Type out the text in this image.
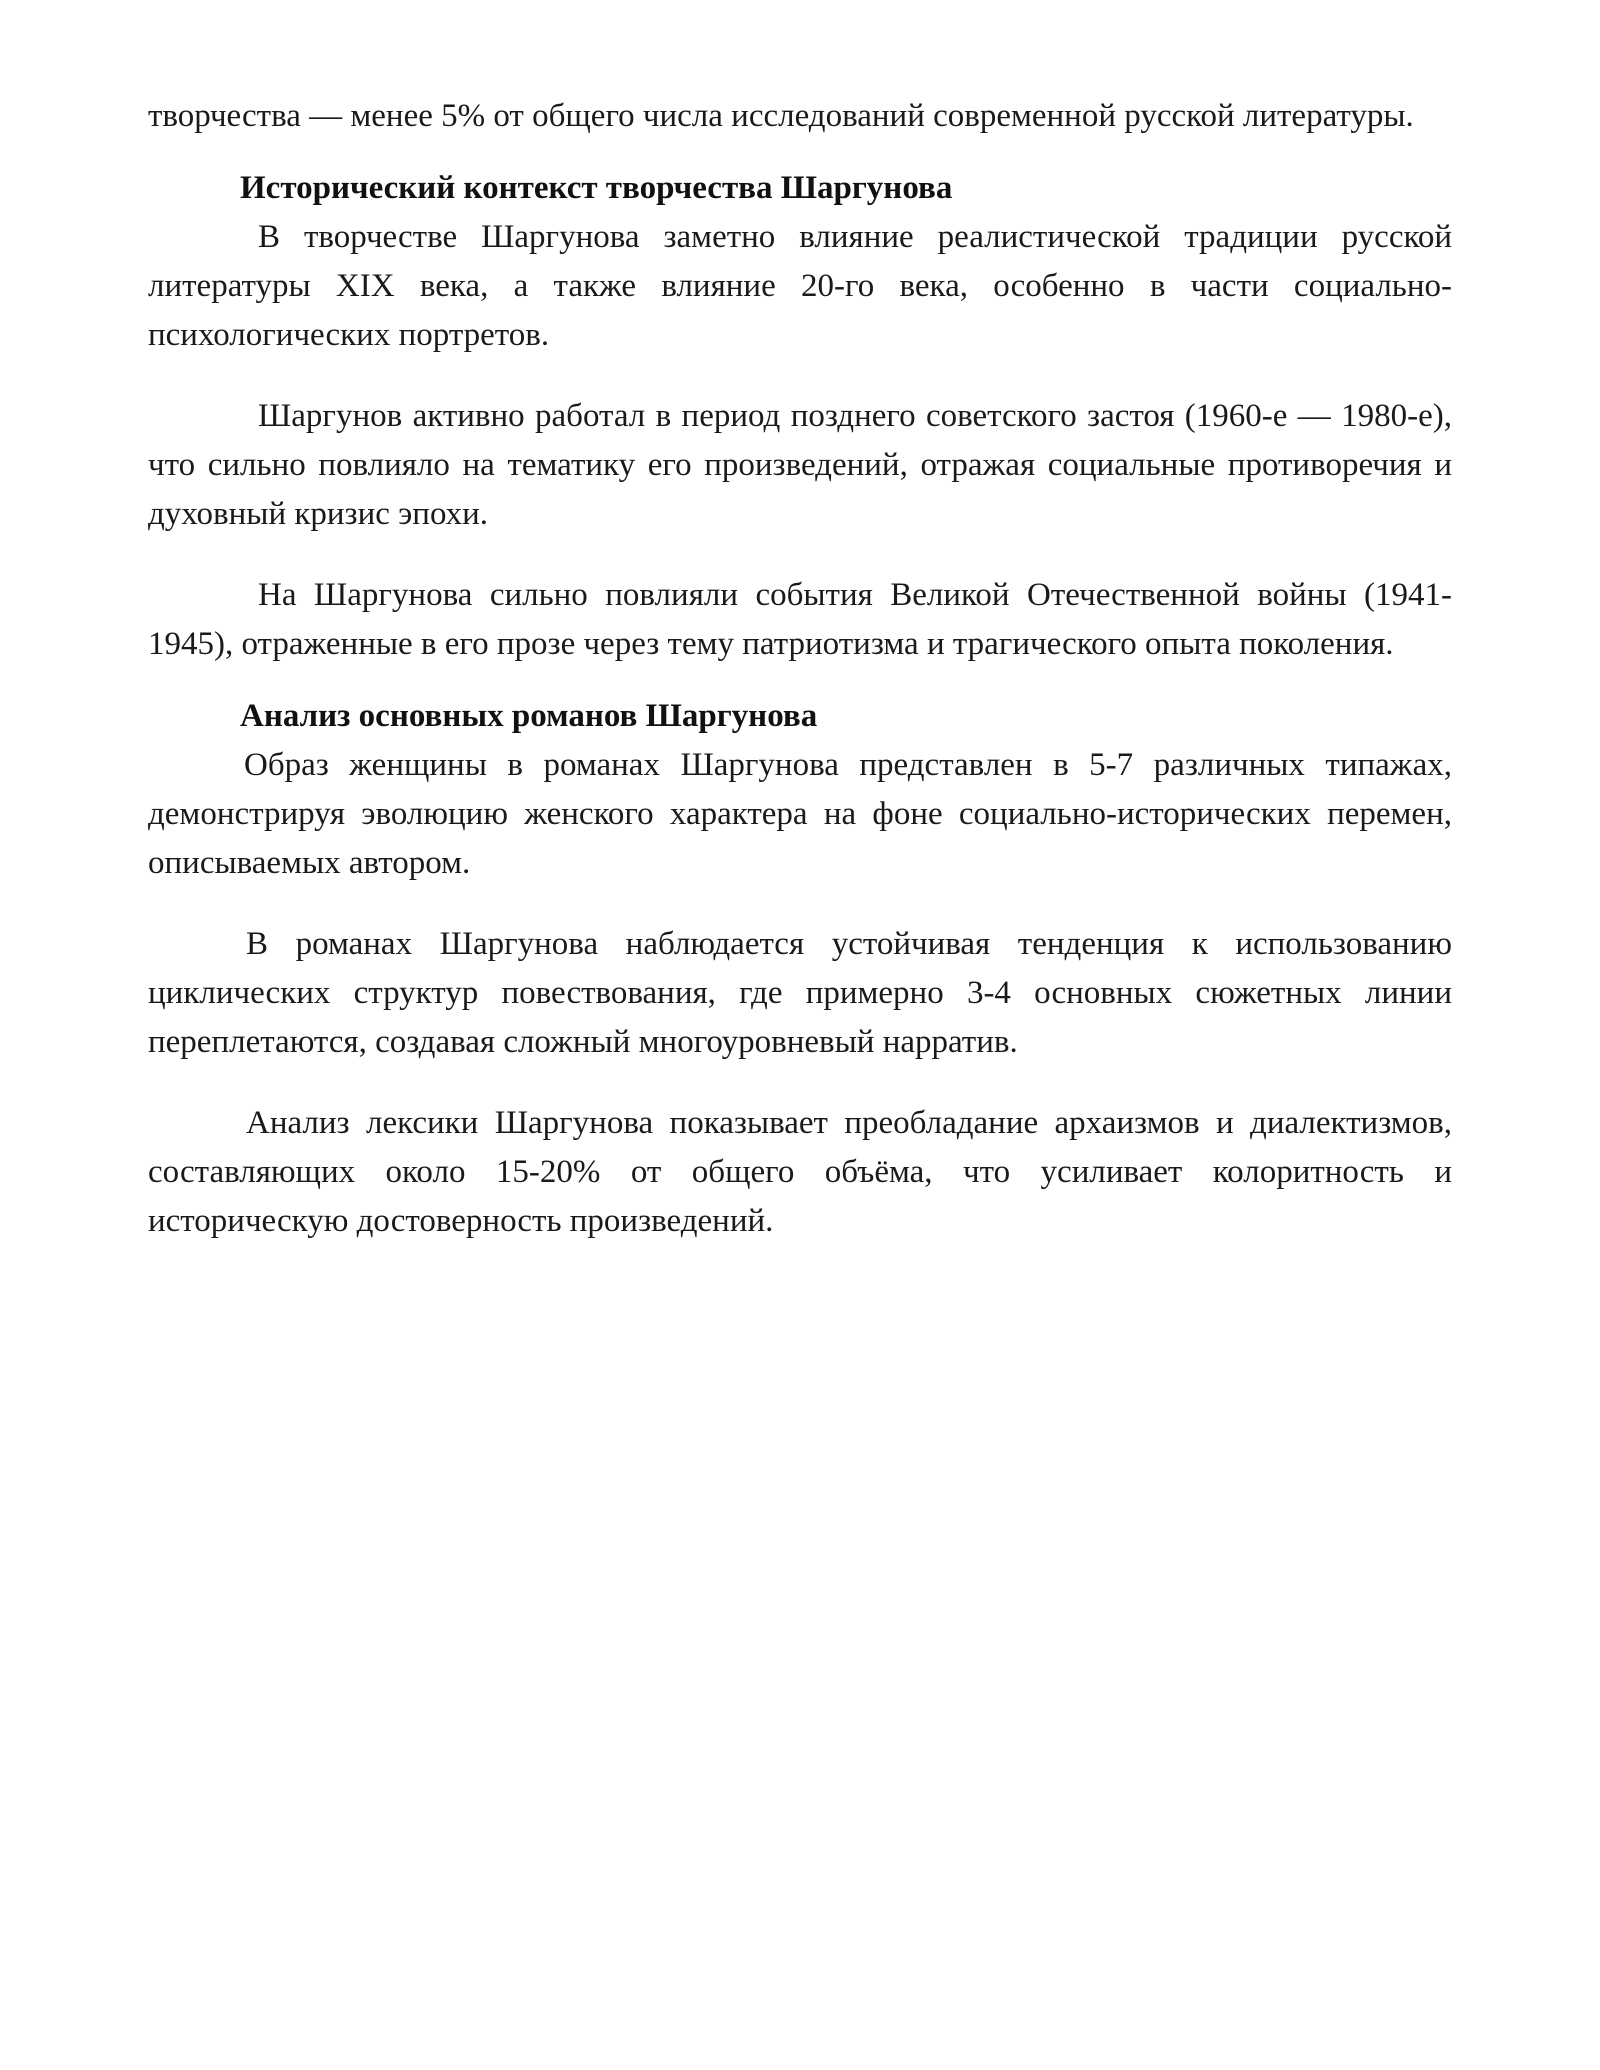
творчества — менее 5% от общего числа исследований современной русской литературы.

Исторический контекст творчества Шаргунова

В творчестве Шаргунова заметно влияние реалистической традиции русской литературы XIX века, а также влияние 20-го века, особенно в части социально-психологических портретов.

Шаргунов активно работал в период позднего советского застоя (1960-е — 1980-е), что сильно повлияло на тематику его произведений, отражая социальные противоречия и духовный кризис эпохи.

На Шаргунова сильно повлияли события Великой Отечественной войны (1941-1945), отраженные в его прозе через тему патриотизма и трагического опыта поколения.

Анализ основных романов Шаргунова

Образ женщины в романах Шаргунова представлен в 5-7 различных типажах, демонстрируя эволюцию женского характера на фоне социально-исторических перемен, описываемых автором.

В романах Шаргунова наблюдается устойчивая тенденция к использованию циклических структур повествования, где примерно 3-4 основных сюжетных линии переплетаются, создавая сложный многоуровневый нарратив.

Анализ лексики Шаргунова показывает преобладание архаизмов и диалектизмов, составляющих около 15-20% от общего объёма, что усиливает колоритность и историческую достоверность произведений.
